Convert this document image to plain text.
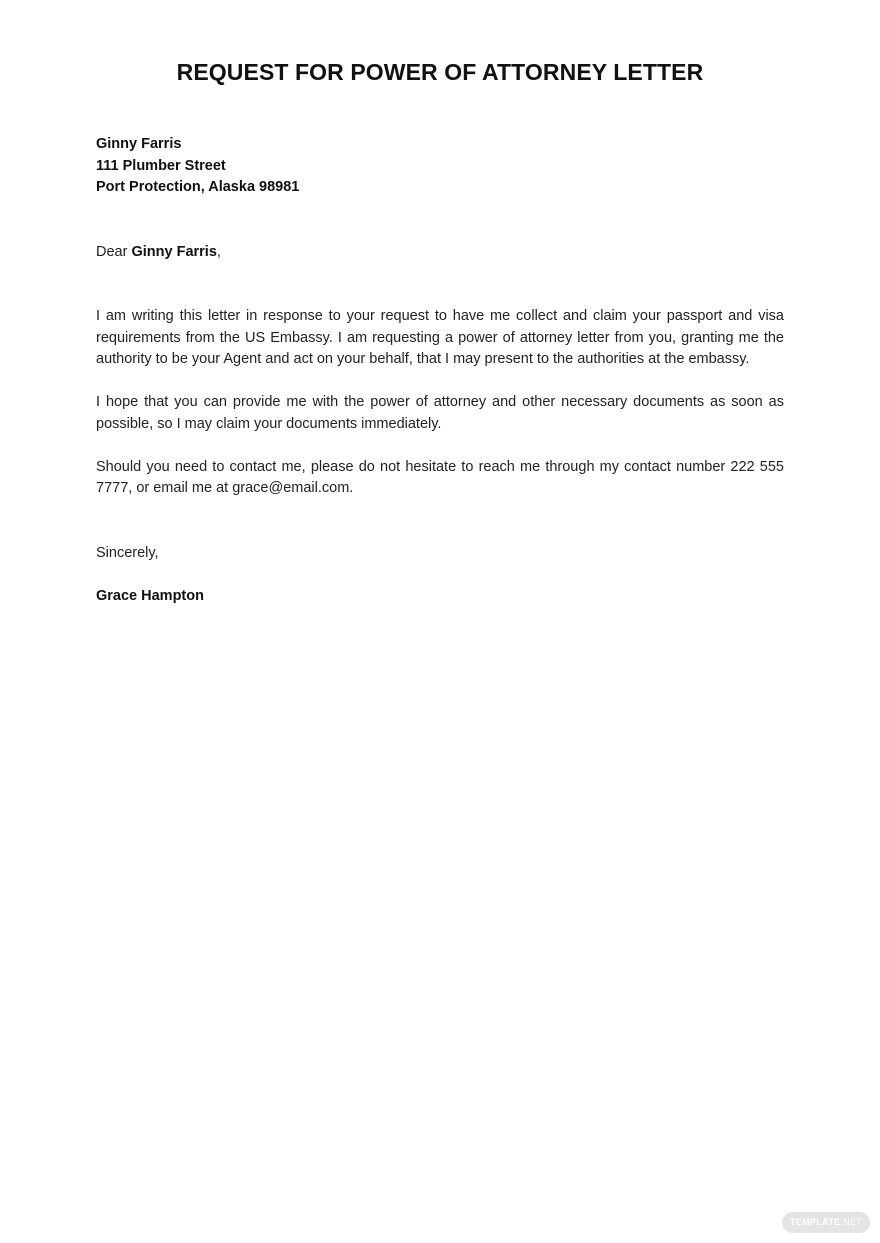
REQUEST FOR POWER OF ATTORNEY LETTER
Ginny Farris
111 Plumber Street
Port Protection, Alaska 98981
Dear Ginny Farris,

I am writing this letter in response to your request to have me collect and claim your passport and visa requirements from the US Embassy. I am requesting a power of attorney letter from you, granting me the authority to be your Agent and act on your behalf, that I may present to the authorities at the embassy.

I hope that you can provide me with the power of attorney and other necessary documents as soon as possible, so I may claim your documents immediately.

Should you need to contact me, please do not hesitate to reach me through my contact number 222 555 7777, or email me at grace@email.com.

Sincerely,
Grace Hampton
TEMPLATE.NET
